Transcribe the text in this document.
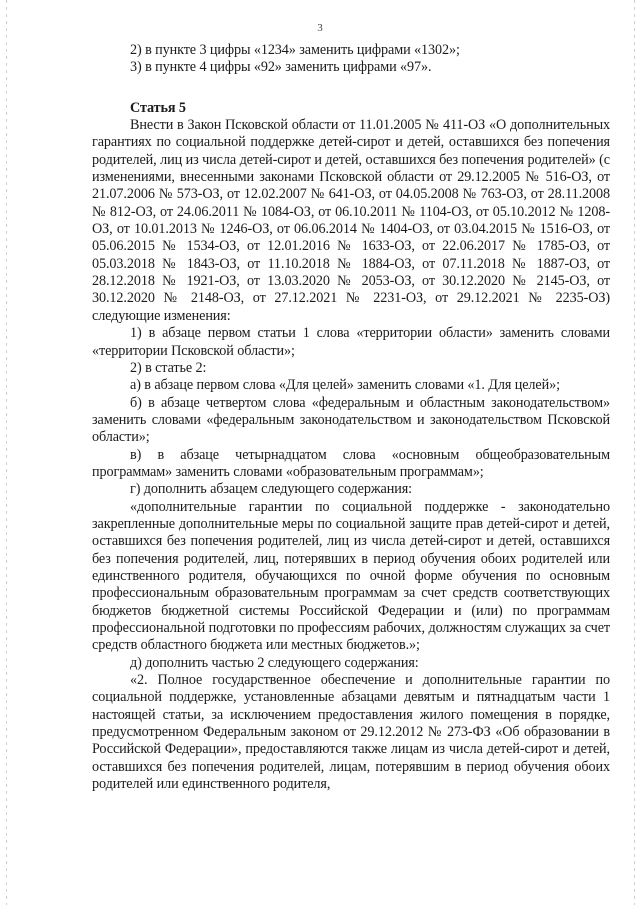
3

2) в пункте 3 цифры «1234» заменить цифрами «1302»;

3) в пункте 4 цифры «92» заменить цифрами «97».

Статья 5

Внести в Закон Псковской области от 11.01.2005 № 411-ОЗ «О дополнительных гарантиях по социальной поддержке детей-сирот и детей, оставшихся без попечения родителей, лиц из числа детей-сирот и детей, оставшихся без попечения родителей» (с изменениями, внесенными законами Псковской области от 29.12.2005 № 516-ОЗ, от 21.07.2006 № 573-ОЗ, от 12.02.2007 № 641-ОЗ, от 04.05.2008 № 763-ОЗ, от 28.11.2008 № 812-ОЗ, от 24.06.2011 № 1084-ОЗ, от 06.10.2011 № 1104-ОЗ, от 05.10.2012 № 1208-ОЗ, от 10.01.2013 № 1246-ОЗ, от 06.06.2014 № 1404-ОЗ, от 03.04.2015 № 1516-ОЗ, от 05.06.2015 № 1534-ОЗ, от 12.01.2016 № 1633-ОЗ, от 22.06.2017 № 1785-ОЗ, от 05.03.2018 № 1843-ОЗ, от 11.10.2018 № 1884-ОЗ, от 07.11.2018 № 1887-ОЗ, от 28.12.2018 № 1921-ОЗ, от 13.03.2020 № 2053-ОЗ, от 30.12.2020 № 2145-ОЗ, от 30.12.2020 № 2148-ОЗ, от 27.12.2021 № 2231-ОЗ, от 29.12.2021 № 2235-ОЗ) следующие изменения:

1) в абзаце первом статьи 1 слова «территории области» заменить словами «территории Псковской области»;

2) в статье 2:

а) в абзаце первом слова «Для целей» заменить словами «1. Для целей»;

б) в абзаце четвертом слова «федеральным и областным законодательством» заменить словами «федеральным законодательством и законодательством Псковской области»;

в) в абзаце четырнадцатом слова «основным общеобразовательным программам» заменить словами «образовательным программам»;

г) дополнить абзацем следующего содержания:

«дополнительные гарантии по социальной поддержке - законодательно закрепленные дополнительные меры по социальной защите прав детей-сирот и детей, оставшихся без попечения родителей, лиц из числа детей-сирот и детей, оставшихся без попечения родителей, лиц, потерявших в период обучения обоих родителей или единственного родителя, обучающихся по очной форме обучения по основным профессиональным образовательным программам за счет средств соответствующих бюджетов бюджетной системы Российской Федерации и (или) по программам профессиональной подготовки по профессиям рабочих, должностям служащих за счет средств областного бюджета или местных бюджетов.»;

д) дополнить частью 2 следующего содержания:

«2. Полное государственное обеспечение и дополнительные гарантии по социальной поддержке, установленные абзацами девятым и пятнадцатым части 1 настоящей статьи, за исключением предоставления жилого помещения в порядке, предусмотренном Федеральным законом от 29.12.2012 № 273-ФЗ «Об образовании в Российской Федерации», предоставляются также лицам из числа детей-сирот и детей, оставшихся без попечения родителей, лицам, потерявшим в период обучения обоих родителей или единственного родителя,
